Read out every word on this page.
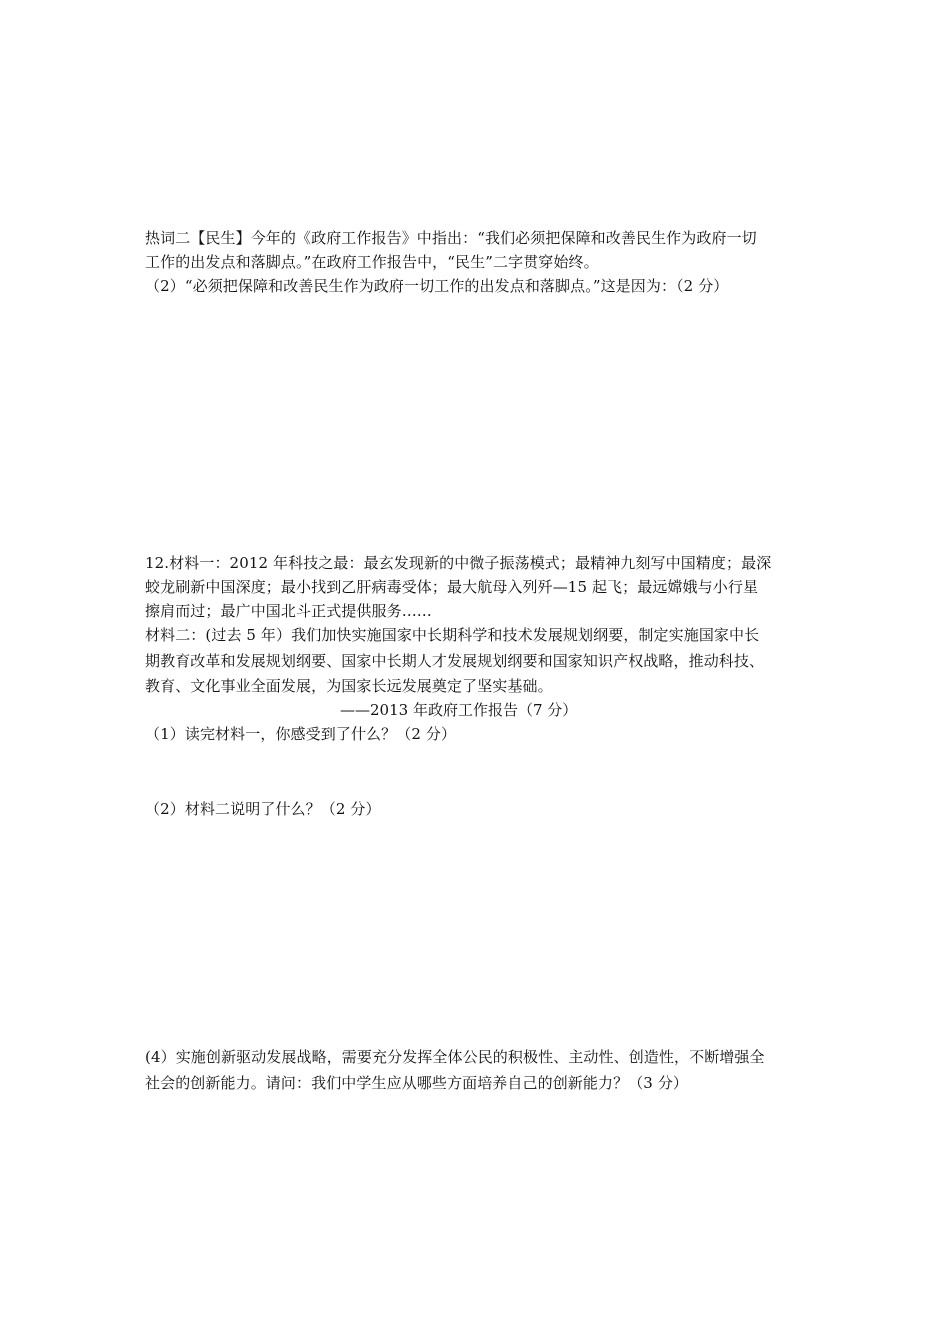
热词二【民生】今年的《政府工作报告》中指出：“我们必须把保障和改善民生作为政府一切
工作的出发点和落脚点。”在政府工作报告中，“民生”二字贯穿始终。
（2）“必须把保障和改善民生作为政府一切工作的出发点和落脚点。”这是因为：（2 分）
12.材料一：2012 年科技之最：最玄发现新的中微子振荡模式；最精神九刻写中国精度；最深
蛟龙刷新中国深度；最小找到乙肝病毒受体；最大航母入列歼—15 起飞；最远嫦娥与小行星
擦肩而过；最广中国北斗正式提供服务……
材料二：(过去 5 年）我们加快实施国家中长期科学和技术发展规划纲要，制定实施国家中长
期教育改革和发展规划纲要、国家中长期人才发展规划纲要和国家知识产权战略，推动科技、
教育、文化事业全面发展，为国家长远发展奠定了坚实基础。
——2013 年政府工作报告（7 分）
（1）读完材料一，你感受到了什么？（2 分）
（2）材料二说明了什么？（2 分）
(4）实施创新驱动发展战略，需要充分发挥全体公民的积极性、主动性、创造性，不断增强全
社会的创新能力。请问：我们中学生应从哪些方面培养自己的创新能力？（3 分）
